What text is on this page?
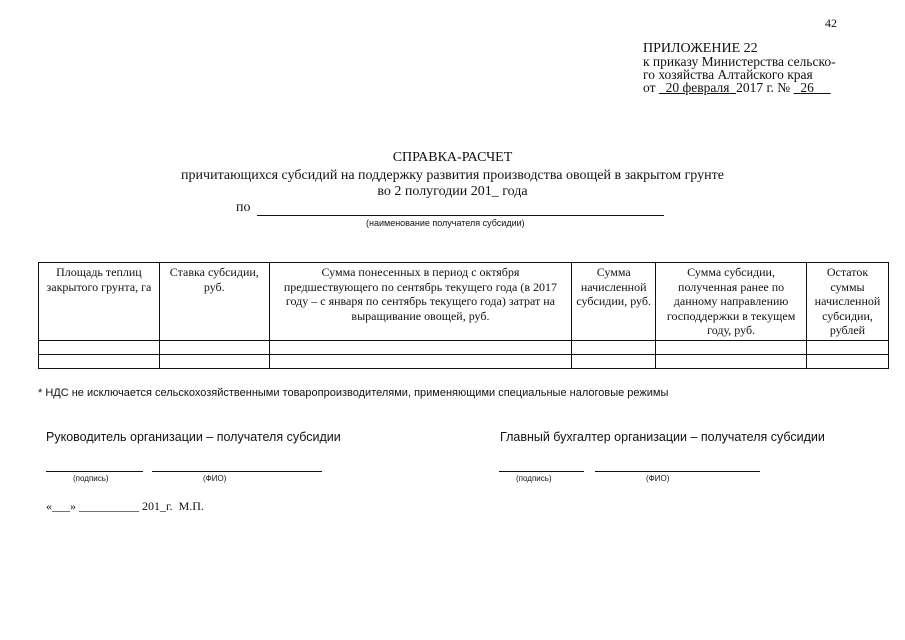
42
ПРИЛОЖЕНИЕ 22
к приказу Министерства сельско-
го хозяйства Алтайского края
от 20 февраля 2017 г. № 26
СПРАВКА-РАСЧЕТ
причитающихся субсидий на поддержку развития производства овощей в закрытом грунте
во 2 полугодии 201_ года
по
(наименование получателя субсидии)
Площадь теплиц закрытого грунта, га	Ставка субсидии, руб.	Сумма понесенных в период с октября предшествующего по сентябрь текущего года (в 2017 году – с января по сентябрь текущего года) затрат на выращивание овощей, руб.	Сумма начисленной субсидии, руб.	Сумма субсидии, полученная ранее по данному направлению господдержки в текущем году, руб.	Остаток суммы начисленной субсидии, рублей

* НДС не исключается сельскохозяйственными товаропроизводителями, применяющими специальные налоговые режимы
Руководитель организации – получателя субсидии
(подпись)	(ФИО)
Главный бухгалтер организации – получателя субсидии
(подпись)	(ФИО)
«___» __________ 201_г. М.П.
